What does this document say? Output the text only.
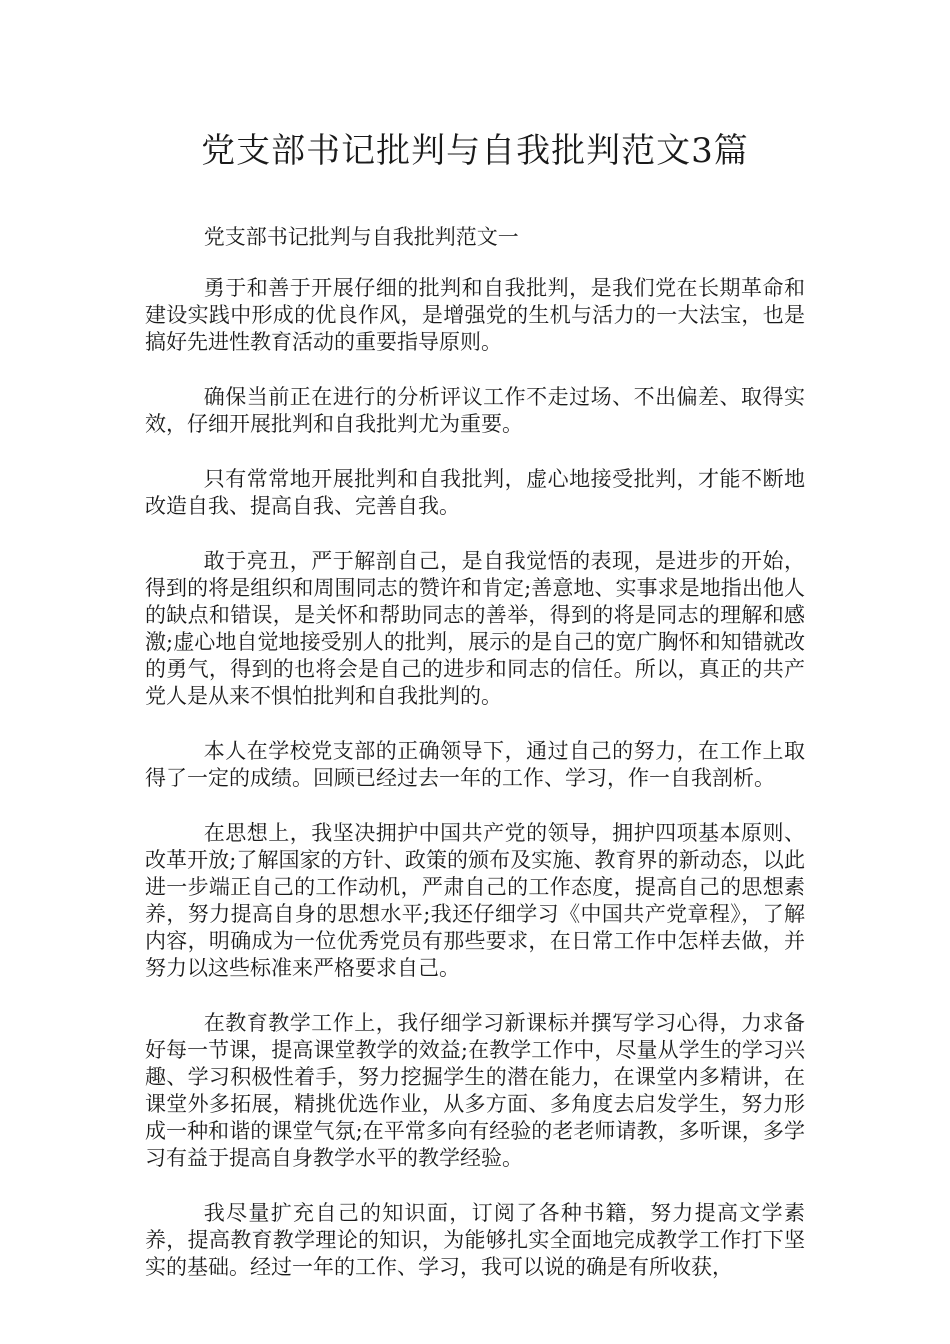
党支部书记批判与自我批判范文3篇

党支部书记批判与自我批判范文一

勇于和善于开展仔细的批判和自我批判，是我们党在长期革命和建设实践中形成的优良作风，是增强党的生机与活力的一大法宝，也是搞好先进性教育活动的重要指导原则。

确保当前正在进行的分析评议工作不走过场、不出偏差、取得实效，仔细开展批判和自我批判尤为重要。

只有常常地开展批判和自我批判，虚心地接受批判，才能不断地改造自我、提高自我、完善自我。

敢于亮丑，严于解剖自己，是自我觉悟的表现，是进步的开始，得到的将是组织和周围同志的赞许和肯定;善意地、实事求是地指出他人的缺点和错误，是关怀和帮助同志的善举，得到的将是同志的理解和感激;虚心地自觉地接受别人的批判，展示的是自己的宽广胸怀和知错就改的勇气，得到的也将会是自己的进步和同志的信任。所以，真正的共产党人是从来不惧怕批判和自我批判的。

本人在学校党支部的正确领导下，通过自己的努力，在工作上取得了一定的成绩。回顾已经过去一年的工作、学习，作一自我剖析。

在思想上，我坚决拥护中国共产党的领导，拥护四项基本原则、改革开放;了解国家的方针、政策的颁布及实施、教育界的新动态，以此进一步端正自己的工作动机，严肃自己的工作态度，提高自己的思想素养，努力提高自身的思想水平;我还仔细学习《中国共产党章程》，了解内容，明确成为一位优秀党员有那些要求，在日常工作中怎样去做，并努力以这些标准来严格要求自己。

在教育教学工作上，我仔细学习新课标并撰写学习心得，力求备好每一节课，提高课堂教学的效益;在教学工作中，尽量从学生的学习兴趣、学习积极性着手，努力挖掘学生的潜在能力，在课堂内多精讲，在课堂外多拓展，精挑优选作业，从多方面、多角度去启发学生，努力形成一种和谐的课堂气氛;在平常多向有经验的老老师请教，多听课，多学习有益于提高自身教学水平的教学经验。

我尽量扩充自己的知识面，订阅了各种书籍，努力提高文学素养，提高教育教学理论的知识，为能够扎实全面地完成教学工作打下坚实的基础。经过一年的工作、学习，我可以说的确是有所收获，
